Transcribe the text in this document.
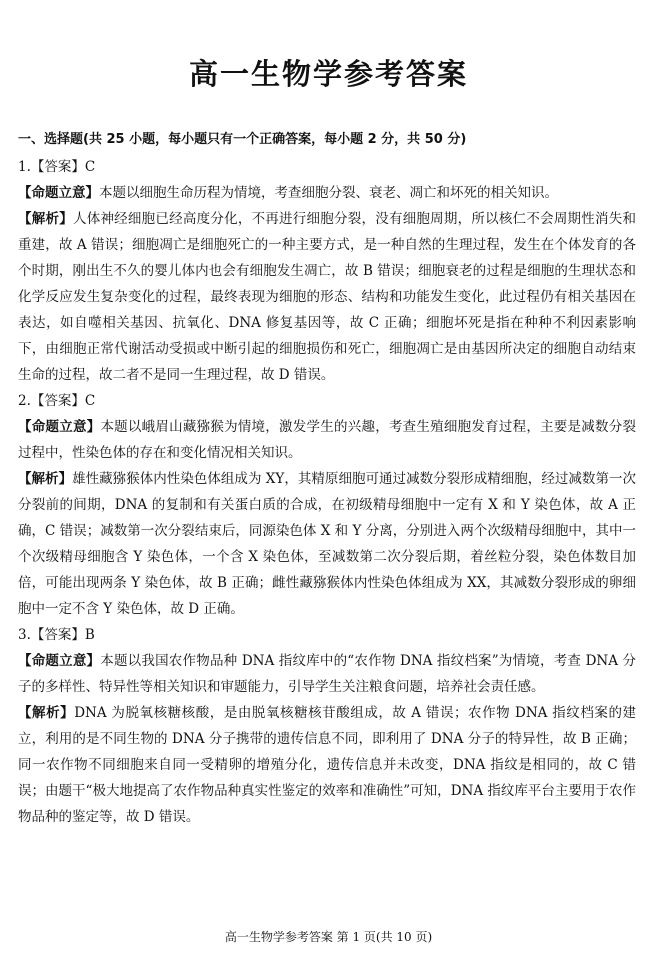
高一生物学参考答案

一、选择题(共 25 小题，每小题只有一个正确答案，每小题 2 分，共 50 分)

1.【答案】C

【命题立意】本题以细胞生命历程为情境，考查细胞分裂、衰老、凋亡和坏死的相关知识。

【解析】人体神经细胞已经高度分化，不再进行细胞分裂，没有细胞周期，所以核仁不会周期性消失和重建，故 A 错误；细胞凋亡是细胞死亡的一种主要方式，是一种自然的生理过程，发生在个体发育的各个时期，刚出生不久的婴儿体内也会有细胞发生凋亡，故 B 错误；细胞衰老的过程是细胞的生理状态和化学反应发生复杂变化的过程，最终表现为细胞的形态、结构和功能发生变化，此过程仍有相关基因在表达，如自噬相关基因、抗氧化、DNA 修复基因等，故 C 正确；细胞坏死是指在种种不利因素影响下，由细胞正常代谢活动受损或中断引起的细胞损伤和死亡，细胞凋亡是由基因所决定的细胞自动结束生命的过程，故二者不是同一生理过程，故 D 错误。

2.【答案】C

【命题立意】本题以峨眉山藏猕猴为情境，激发学生的兴趣，考查生殖细胞发育过程，主要是减数分裂过程中，性染色体的存在和变化情况相关知识。

【解析】雄性藏猕猴体内性染色体组成为 XY，其精原细胞可通过减数分裂形成精细胞，经过减数第一次分裂前的间期，DNA 的复制和有关蛋白质的合成，在初级精母细胞中一定有 X 和 Y 染色体，故 A 正确，C 错误；减数第一次分裂结束后，同源染色体 X 和 Y 分离，分别进入两个次级精母细胞中，其中一个次级精母细胞含 Y 染色体，一个含 X 染色体，至减数第二次分裂后期，着丝粒分裂，染色体数目加倍，可能出现两条 Y 染色体，故 B 正确；雌性藏猕猴体内性染色体组成为 XX，其减数分裂形成的卵细胞中一定不含 Y 染色体，故 D 正确。

3.【答案】B

【命题立意】本题以我国农作物品种 DNA 指纹库中的“农作物 DNA 指纹档案”为情境，考查 DNA 分子的多样性、特异性等相关知识和审题能力，引导学生关注粮食问题，培养社会责任感。

【解析】DNA 为脱氧核糖核酸，是由脱氧核糖核苷酸组成，故 A 错误；农作物 DNA 指纹档案的建立，利用的是不同生物的 DNA 分子携带的遗传信息不同，即利用了 DNA 分子的特异性，故 B 正确；同一农作物不同细胞来自同一受精卵的增殖分化，遗传信息并未改变，DNA 指纹是相同的，故 C 错误；由题干“极大地提高了农作物品种真实性鉴定的效率和准确性”可知，DNA 指纹库平台主要用于农作物品种的鉴定等，故 D 错误。

高一生物学参考答案 第 1 页(共 10 页)
